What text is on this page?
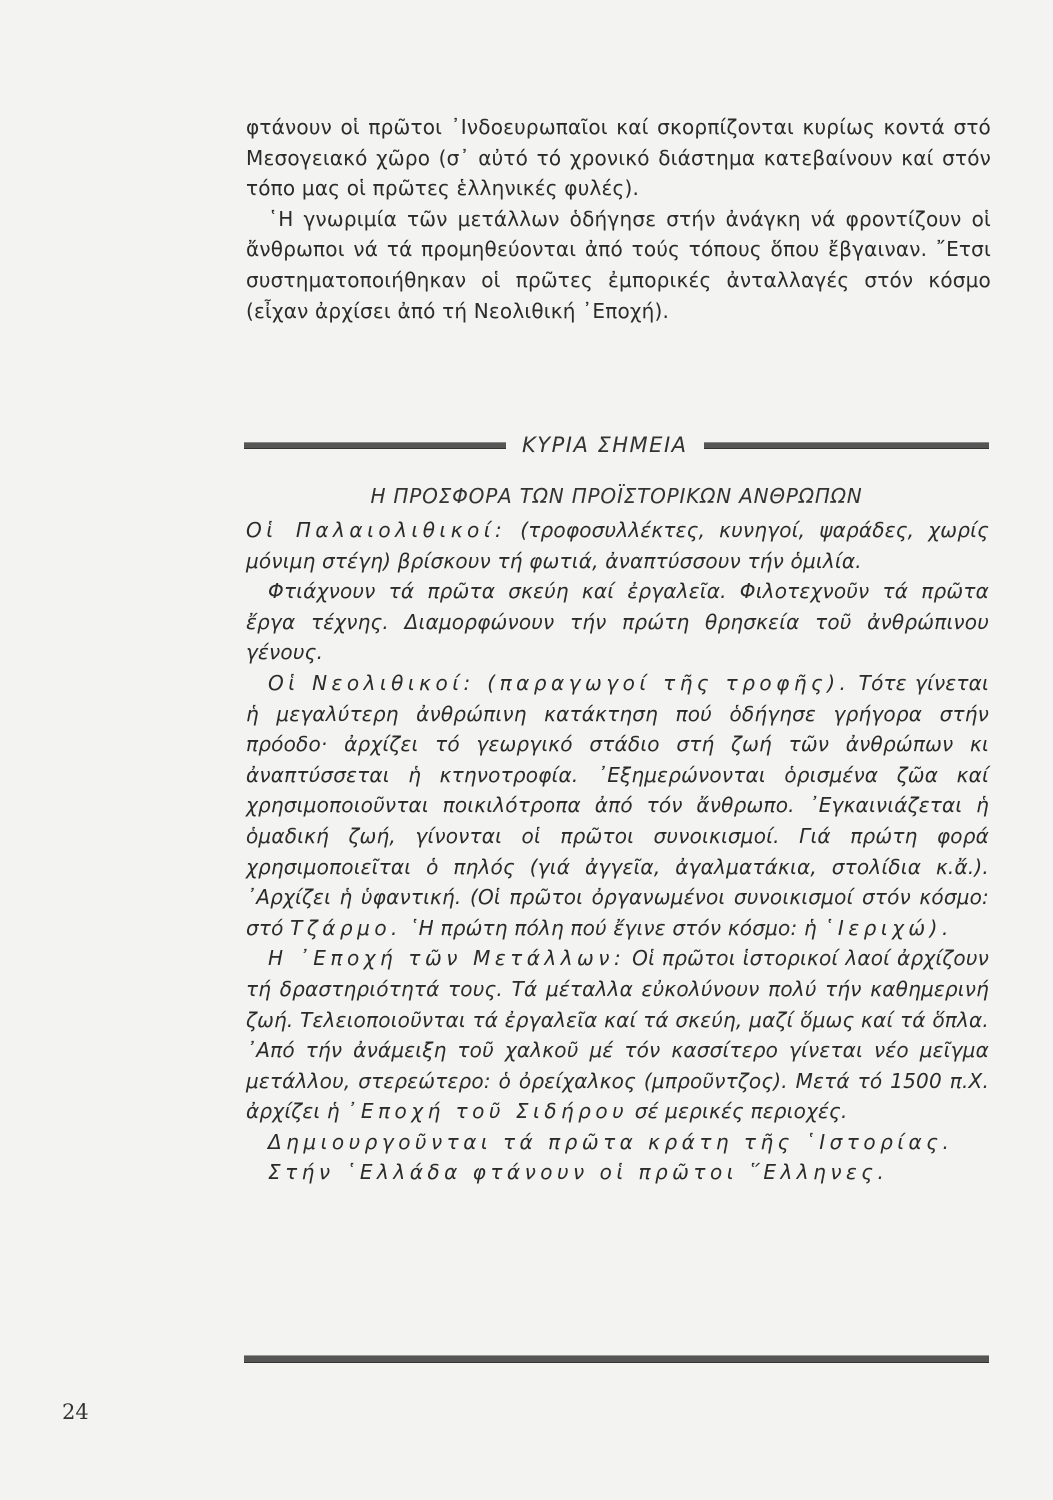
φτάνουν οἱ πρῶτοι ᾿Ινδοευρωπαῖοι καί σκορπίζονται κυρίως κοντά στό Μεσογειακό χῶρο (σ᾿ αὐτό τό χρονικό διάστημα κατεβαίνουν καί στόν τόπο μας οἱ πρῶτες ἑλληνικές φυλές).

῾Η γνωριμία τῶν μετάλλων ὁδήγησε στήν ἀνάγκη νά φροντίζουν οἱ ἄνθρωποι νά τά προμηθεύονται ἀπό τούς τόπους ὅπου ἔβγαιναν. ῎Ετσι συστηματοποιήθηκαν οἱ πρῶτες ἐμπορικές ἀνταλλαγές στόν κόσμο (εἶχαν ἀρχίσει ἀπό τή Νεολιθική ᾿Εποχή).

ΚΥΡΙΑ ΣΗΜΕΙΑ
Η ΠΡΟΣΦΟΡΑ ΤΩΝ ΠΡΟΪΣΤΟΡΙΚΩΝ ΑΝΘΡΩΠΩΝ

Οἱ Παλαιολιθικοί: (τροφοσυλλέκτες, κυνηγοί, ψαράδες, χωρίς μόνιμη στέγη) βρίσκουν τή φωτιά, ἀναπτύσσουν τήν ὁμιλία.

Φτιάχνουν τά πρῶτα σκεύη καί ἐργαλεῖα. Φιλοτεχνοῦν τά πρῶτα ἔργα τέχνης. Διαμορφώνουν τήν πρώτη θρησκεία τοῦ ἀνθρώπινου γένους.

Οἱ Νεολιθικοί: (παραγωγοί τῆς τροφῆς). Τότε γίνεται ἡ μεγαλύτερη ἀνθρώπινη κατάκτηση πού ὁδήγησε γρήγορα στήν πρόοδο· ἀρχίζει τό γεωργικό στάδιο στή ζωή τῶν ἀνθρώπων κι ἀναπτύσσεται ἡ κτηνοτροφία. ᾿Εξημερώνονται ὁρισμένα ζῶα καί χρησιμοποιοῦνται ποικιλότροπα ἀπό τόν ἄνθρωπο. ᾿Εγκαινιάζεται ἡ ὁμαδική ζωή, γίνονται οἱ πρῶτοι συνοικισμοί. Γιά πρώτη φορά χρησιμοποιεῖται ὁ πηλός (γιά ἀγγεῖα, ἀγαλματάκια, στολίδια κ.ἄ.). ᾿Αρχίζει ἡ ὑφαντική. (Οἱ πρῶτοι ὀργανωμένοι συνοικισμοί στόν κόσμο: στό Τζάρμο. ῾Η πρώτη πόλη πού ἔγινε στόν κόσμο: ἡ ῾Ιεριχώ).

Η ᾿Εποχή τῶν Μετάλλων: Οἱ πρῶτοι ἱστορικοί λαοί ἀρχίζουν τή δραστηριότητά τους. Τά μέταλλα εὐκολύνουν πολύ τήν καθημερινή ζωή. Τελειοποιοῦνται τά ἐργαλεῖα καί τά σκεύη, μαζί ὅμως καί τά ὅπλα. ᾿Από τήν ἀνάμειξη τοῦ χαλκοῦ μέ τόν κασσίτερο γίνεται νέο μεῖγμα μετάλλου, στερεώτερο: ὁ ὀρείχαλκος (μπροῦντζος). Μετά τό 1500 π.Χ. ἀρχίζει ἡ ᾿Εποχή τοῦ Σιδήρου σέ μερικές περιοχές.

Δημιουργοῦνται τά πρῶτα κράτη τῆς ῾Ιστορίας.

Στήν ῾Ελλάδα φτάνουν οἱ πρῶτοι ῞Ελληνες.

24
